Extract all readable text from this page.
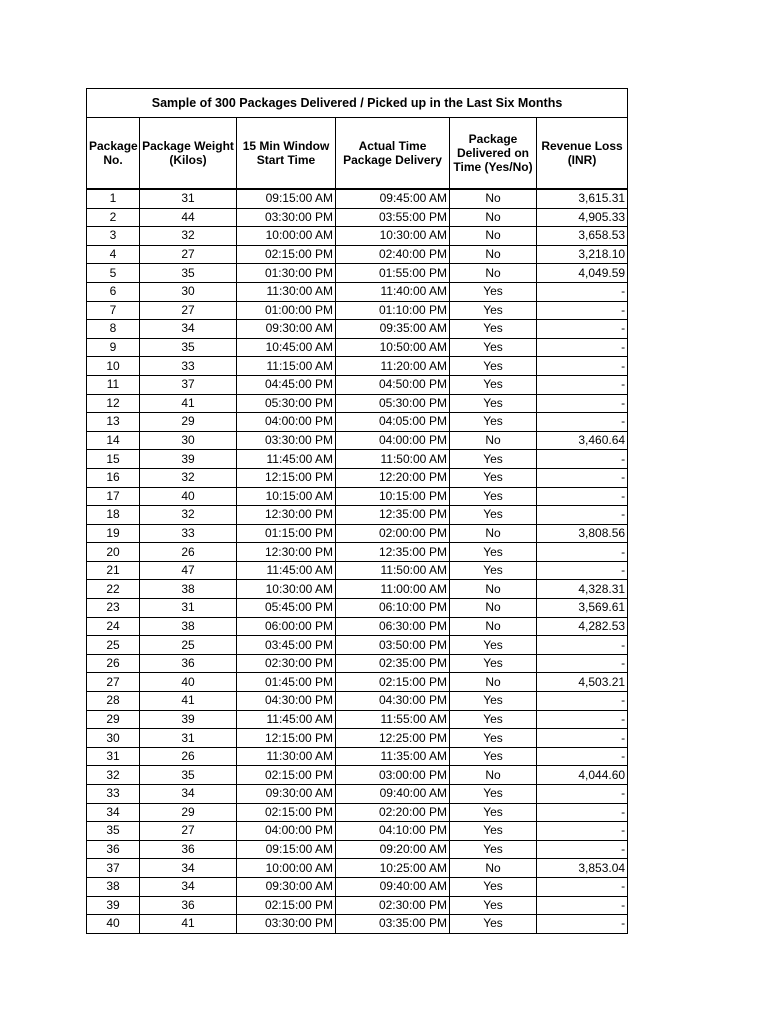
Sample of 300 Packages Delivered / Picked up in the Last Six Months					
Package No.	Package Weight (Kilos)	15 Min Window Start Time	Actual Time Package Delivery	Package Delivered on Time (Yes/No)	Revenue Loss (INR)
1	31	09:15:00 AM	09:45:00 AM	No	3,615.31
2	44	03:30:00 PM	03:55:00 PM	No	4,905.33
3	32	10:00:00 AM	10:30:00 AM	No	3,658.53
4	27	02:15:00 PM	02:40:00 PM	No	3,218.10
5	35	01:30:00 PM	01:55:00 PM	No	4,049.59
6	30	11:30:00 AM	11:40:00 AM	Yes	-
7	27	01:00:00 PM	01:10:00 PM	Yes	-
8	34	09:30:00 AM	09:35:00 AM	Yes	-
9	35	10:45:00 AM	10:50:00 AM	Yes	-
10	33	11:15:00 AM	11:20:00 AM	Yes	-
11	37	04:45:00 PM	04:50:00 PM	Yes	-
12	41	05:30:00 PM	05:30:00 PM	Yes	-
13	29	04:00:00 PM	04:05:00 PM	Yes	-
14	30	03:30:00 PM	04:00:00 PM	No	3,460.64
15	39	11:45:00 AM	11:50:00 AM	Yes	-
16	32	12:15:00 PM	12:20:00 PM	Yes	-
17	40	10:15:00 AM	10:15:00 PM	Yes	-
18	32	12:30:00 PM	12:35:00 PM	Yes	-
19	33	01:15:00 PM	02:00:00 PM	No	3,808.56
20	26	12:30:00 PM	12:35:00 PM	Yes	-
21	47	11:45:00 AM	11:50:00 AM	Yes	-
22	38	10:30:00 AM	11:00:00 AM	No	4,328.31
23	31	05:45:00 PM	06:10:00 PM	No	3,569.61
24	38	06:00:00 PM	06:30:00 PM	No	4,282.53
25	25	03:45:00 PM	03:50:00 PM	Yes	-
26	36	02:30:00 PM	02:35:00 PM	Yes	-
27	40	01:45:00 PM	02:15:00 PM	No	4,503.21
28	41	04:30:00 PM	04:30:00 PM	Yes	-
29	39	11:45:00 AM	11:55:00 AM	Yes	-
30	31	12:15:00 PM	12:25:00 PM	Yes	-
31	26	11:30:00 AM	11:35:00 AM	Yes	-
32	35	02:15:00 PM	03:00:00 PM	No	4,044.60
33	34	09:30:00 AM	09:40:00 AM	Yes	-
34	29	02:15:00 PM	02:20:00 PM	Yes	-
35	27	04:00:00 PM	04:10:00 PM	Yes	-
36	36	09:15:00 AM	09:20:00 AM	Yes	-
37	34	10:00:00 AM	10:25:00 AM	No	3,853.04
38	34	09:30:00 AM	09:40:00 AM	Yes	-
39	36	02:15:00 PM	02:30:00 PM	Yes	-
40	41	03:30:00 PM	03:35:00 PM	Yes	-
